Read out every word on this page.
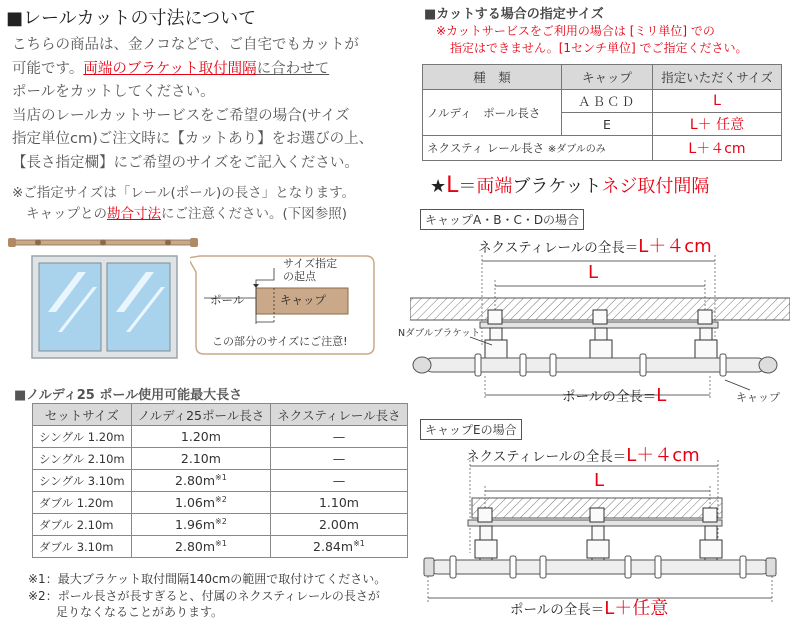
■レールカットの寸法について

こちらの商品は、金ノコなどで、ご自宅でもカットが

可能です。両端のブラケット取付間隔に合わせて

ポールをカットしてください。

当店のレールカットサービスをご希望の場合(サイズ

指定単位cm)ご注文時に【カットあり】をお選びの上、

【長さ指定欄】にご希望のサイズをご記入ください。

※ご指定サイズは「レール(ポール)の長さ」となります。

キャップとの勘合寸法にご注意ください。(下図参照)

サイズ指定
の起点
ポール	キャップ
この部分のサイズにご注意!
■ノルディ25 ポール使用可能最大長さ
セットサイズ	ノルディ25ポール長さ	ネクスティレール長さ
シングル 1.20m	1.20m	—
シングル 2.10m	2.10m	—
シングル 3.10m	$2.80m^{※1}$	—
ダブル 1.20m	$1.06m^{※2}$	1.10m
ダブル 2.10m	$1.96m^{※2}$	2.00m
ダブル 3.10m	$2.80m^{※1}$	$2.84m^{※1}$
※1：最大ブラケット取付間隔140cmの範囲で取付けてください。
※2：ポール長さが長すぎると、付属のネクスティレールの長さが
足りなくなることがあります。
■カットする場合の指定サイズ
※カットサービスをご利用の場合は [ミリ単位] での
指定はできません。[1センチ単位] でご指定ください。
種　類	キャップ	指定いただくサイズ
ノルディ　ポール長さ	ＡＢＣＤ	L
	E	L＋ 任意
ネクスティ レール長さ ※ダブルのみ		L＋４cm
★L＝両端ブラケットネジ取付間隔
キャップA・B・C・Dの場合
ネクスティレールの全長＝L＋４cm
L
Nダブルブラケット
ポールの全長＝L	キャップ
キャップEの場合
ネクスティレールの全長＝L＋４cm
L
ポールの全長＝L＋任意
